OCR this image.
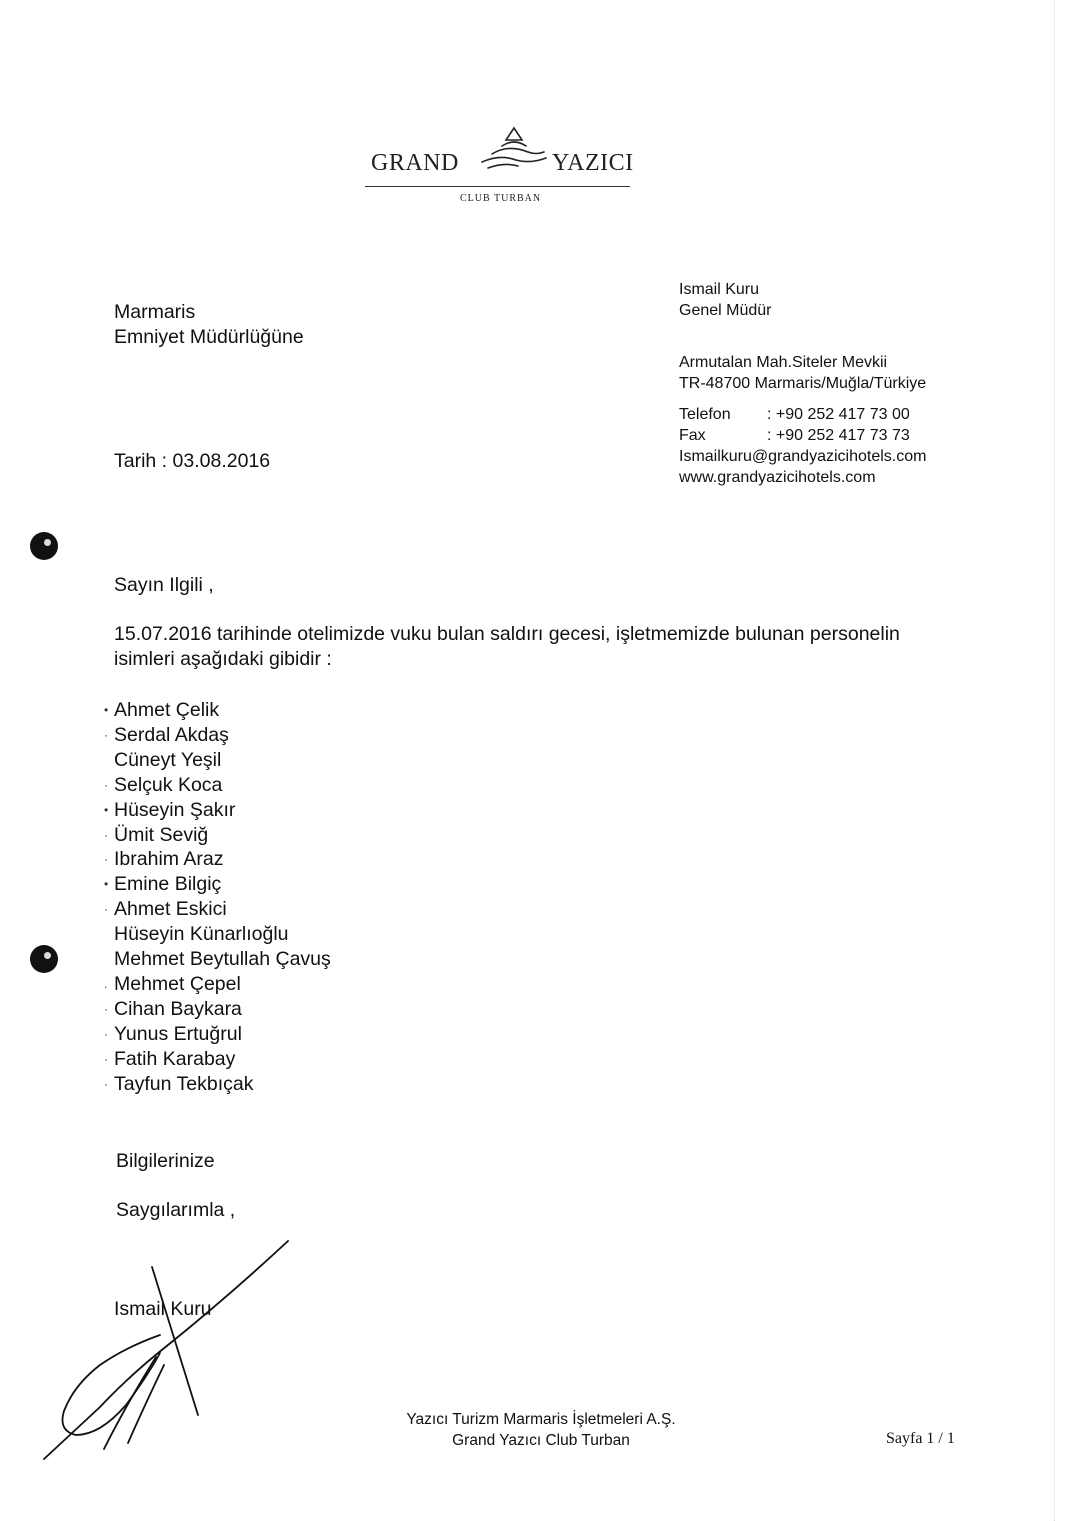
GRAND	YAZICI
CLUB TURBAN
Marmaris
Emniyet Müdürlüğüne
Ismail Kuru
Genel Müdür
Armutalan Mah.Siteler Mevkii
TR-48700 Marmaris/Muğla/Türkiye
Telefon	: +90 252 417 73 00
Fax	: +90 252 417 73 73
Ismailkuru@grandyazicihotels.com
www.grandyazicihotels.com
Tarih : 03.08.2016
Sayın Ilgili ,
15.07.2016 tarihinde otelimizde vuku bulan saldırı gecesi, işletmemizde bulunan personelin
isimleri aşağıdaki gibidir :
• Ahmet Çelik
· Serdal Akdaş
Cüneyt Yeşil
· Selçuk Koca
• Hüseyin Şakır
· Ümit Seviğ
· Ibrahim Araz
• Emine Bilgiç
· Ahmet Eskici
Hüseyin Künarlıoğlu
Mehmet Beytullah Çavuş
. Mehmet Çepel
· Cihan Baykara
· Yunus Ertuğrul
· Fatih Karabay
· Tayfun Tekbıçak
Bilgilerinize
Saygılarımla ,
Ismail Kuru
Yazıcı Turizm Marmaris İşletmeleri A.Ş.
Grand Yazıcı Club Turban	Sayfa 1 / 1
